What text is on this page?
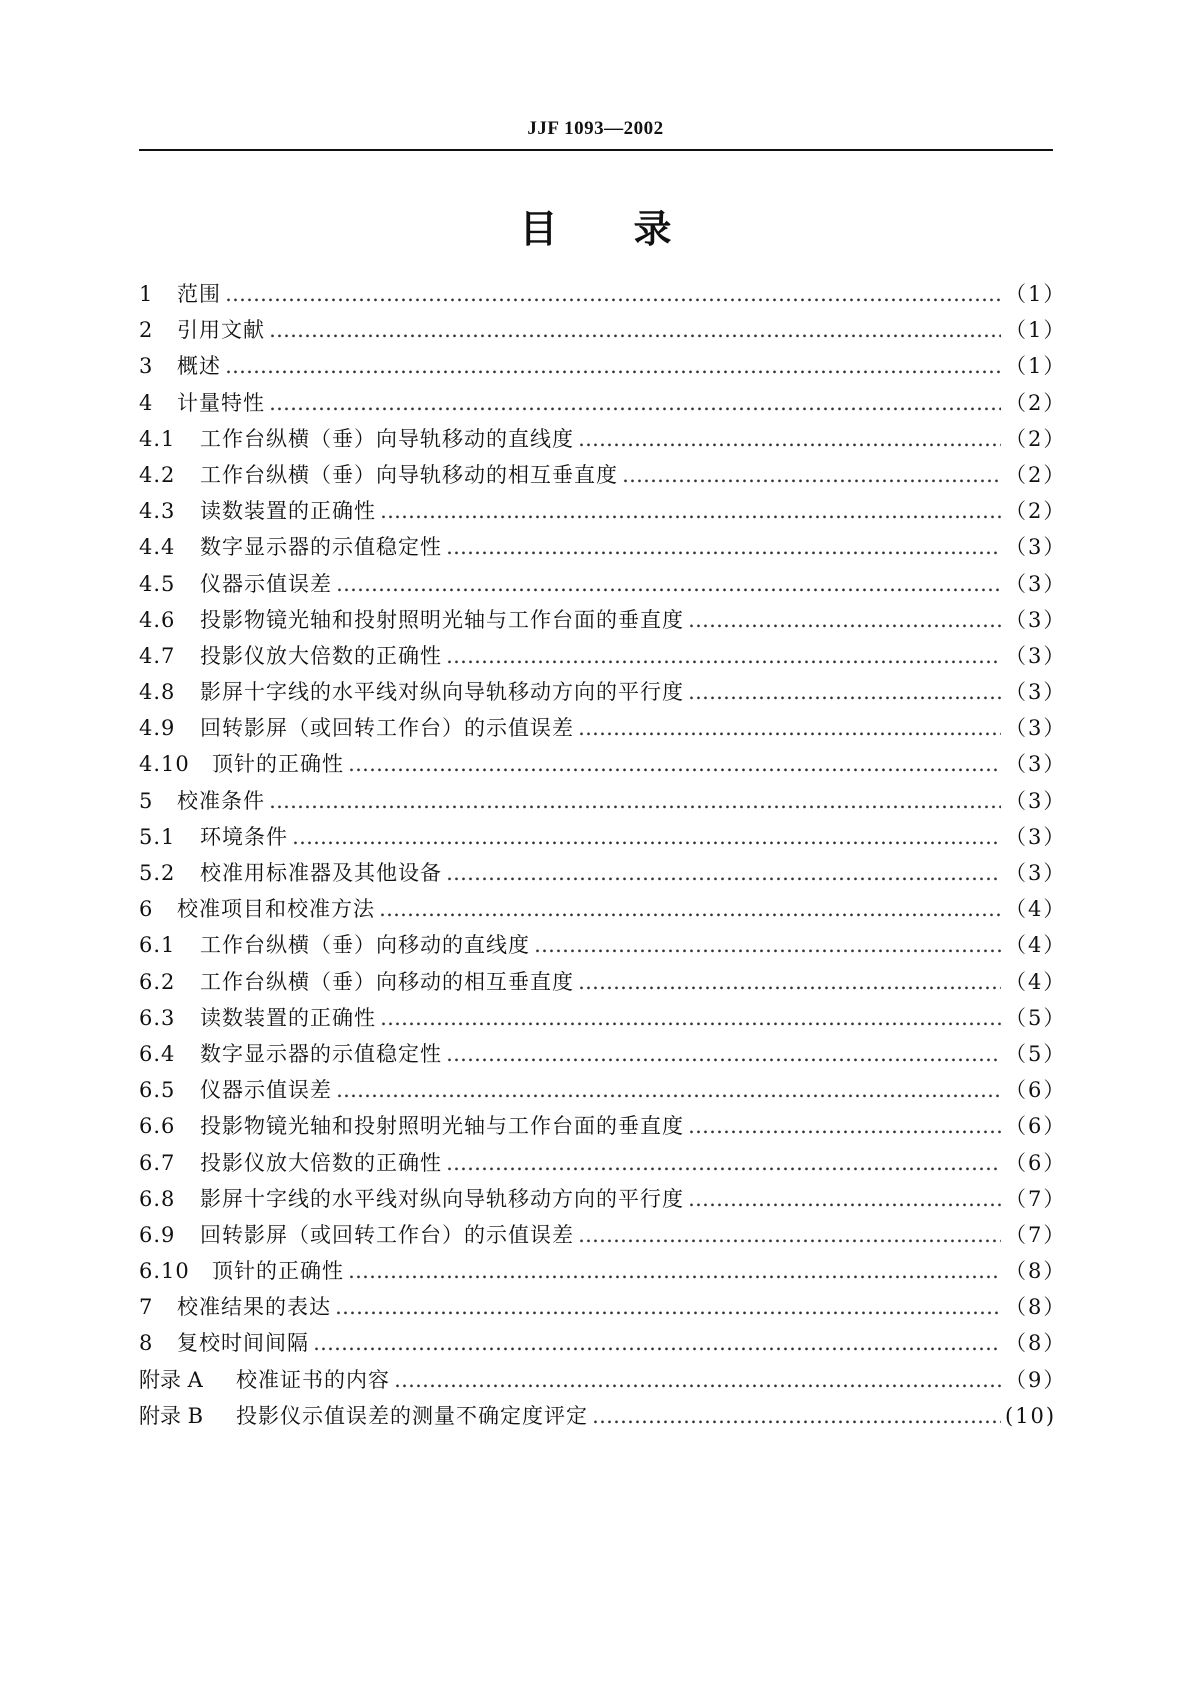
JJF 1093—2002
目 录
1	范围 ……………………………………………………………………………………………………………………………………………………………………………………………	（1）
2	引用文献 ……………………………………………………………………………………………………………………………………………………………………………………………	（1）
3	概述 ……………………………………………………………………………………………………………………………………………………………………………………………	（1）
4	计量特性 ……………………………………………………………………………………………………………………………………………………………………………………………	（2）
4.1	工作台纵横（垂）向导轨移动的直线度 ……………………………………………………………………………………………………………………………………………………………………………………………	（2）
4.2	工作台纵横（垂）向导轨移动的相互垂直度 ……………………………………………………………………………………………………………………………………………………………………………………………	（2）
4.3	读数装置的正确性 ……………………………………………………………………………………………………………………………………………………………………………………………	（2）
4.4	数字显示器的示值稳定性 ……………………………………………………………………………………………………………………………………………………………………………………………	（3）
4.5	仪器示值误差 ……………………………………………………………………………………………………………………………………………………………………………………………	（3）
4.6	投影物镜光轴和投射照明光轴与工作台面的垂直度 ……………………………………………………………………………………………………………………………………………………………………………………………	（3）
4.7	投影仪放大倍数的正确性 ……………………………………………………………………………………………………………………………………………………………………………………………	（3）
4.8	影屏十字线的水平线对纵向导轨移动方向的平行度 ……………………………………………………………………………………………………………………………………………………………………………………………	（3）
4.9	回转影屏（或回转工作台）的示值误差 ……………………………………………………………………………………………………………………………………………………………………………………………	（3）
4.10	顶针的正确性 ……………………………………………………………………………………………………………………………………………………………………………………………	（3）
5	校准条件 ……………………………………………………………………………………………………………………………………………………………………………………………	（3）
5.1	环境条件 ……………………………………………………………………………………………………………………………………………………………………………………………	（3）
5.2	校准用标准器及其他设备 ……………………………………………………………………………………………………………………………………………………………………………………………	（3）
6	校准项目和校准方法 ……………………………………………………………………………………………………………………………………………………………………………………………	（4）
6.1	工作台纵横（垂）向移动的直线度 ……………………………………………………………………………………………………………………………………………………………………………………………	（4）
6.2	工作台纵横（垂）向移动的相互垂直度 ……………………………………………………………………………………………………………………………………………………………………………………………	（4）
6.3	读数装置的正确性 ……………………………………………………………………………………………………………………………………………………………………………………………	（5）
6.4	数字显示器的示值稳定性 ……………………………………………………………………………………………………………………………………………………………………………………………	（5）
6.5	仪器示值误差 ……………………………………………………………………………………………………………………………………………………………………………………………	（6）
6.6	投影物镜光轴和投射照明光轴与工作台面的垂直度 ……………………………………………………………………………………………………………………………………………………………………………………………	（6）
6.7	投影仪放大倍数的正确性 ……………………………………………………………………………………………………………………………………………………………………………………………	（6）
6.8	影屏十字线的水平线对纵向导轨移动方向的平行度 ……………………………………………………………………………………………………………………………………………………………………………………………	（7）
6.9	回转影屏（或回转工作台）的示值误差 ……………………………………………………………………………………………………………………………………………………………………………………………	（7）
6.10	顶针的正确性 ……………………………………………………………………………………………………………………………………………………………………………………………	（8）
7	校准结果的表达 ……………………………………………………………………………………………………………………………………………………………………………………………	（8）
8	复校时间间隔 ……………………………………………………………………………………………………………………………………………………………………………………………	（8）
附录 A	校准证书的内容 ……………………………………………………………………………………………………………………………………………………………………………………………	（9）
附录 B	投影仪示值误差的测量不确定度评定 ……………………………………………………………………………………………………………………………………………………………………………………………	(10)
